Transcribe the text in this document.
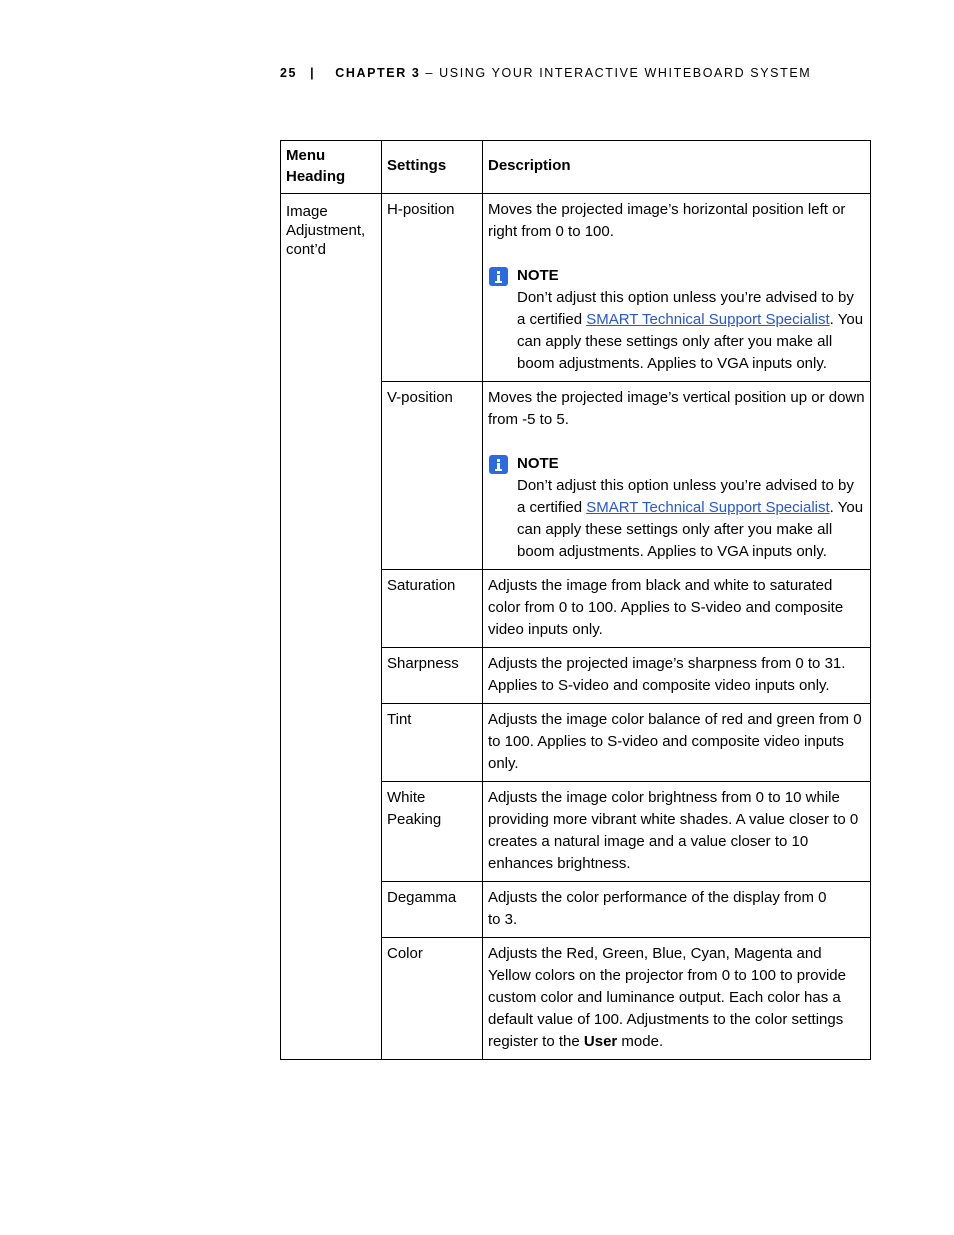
25 | CHAPTER 3 – USING YOUR INTERACTIVE WHITEBOARD SYSTEM
Menu Heading	Settings	Description
Image Adjustment, cont’d	H-position	Moves the projected image’s horizontal position left or right from 0 to 100.

NOTE
Don’t adjust this option unless you’re advised to by a certified SMART Technical Support Specialist. You can apply these settings only after you make all boom adjustments. Applies to VGA inputs only.

	V-position	Moves the projected image’s vertical position up or down from -5 to 5.

NOTE
Don’t adjust this option unless you’re advised to by a certified SMART Technical Support Specialist. You can apply these settings only after you make all boom adjustments. Applies to VGA inputs only.

	Saturation	Adjusts the image from black and white to saturated color from 0 to 100. Applies to S-video and composite video inputs only.
	Sharpness	Adjusts the projected image’s sharpness from 0 to 31. Applies to S-video and composite video inputs only.
	Tint	Adjusts the image color balance of red and green from 0 to 100. Applies to S-video and composite video inputs only.
	White Peaking	Adjusts the image color brightness from 0 to 10 while providing more vibrant white shades. A value closer to 0 creates a natural image and a value closer to 10 enhances brightness.
	Degamma	Adjusts the color performance of the display from 0 to 3.
	Color	Adjusts the Red, Green, Blue, Cyan, Magenta and Yellow colors on the projector from 0 to 100 to provide custom color and luminance output. Each color has a default value of 100. Adjustments to the color settings register to the User mode.
